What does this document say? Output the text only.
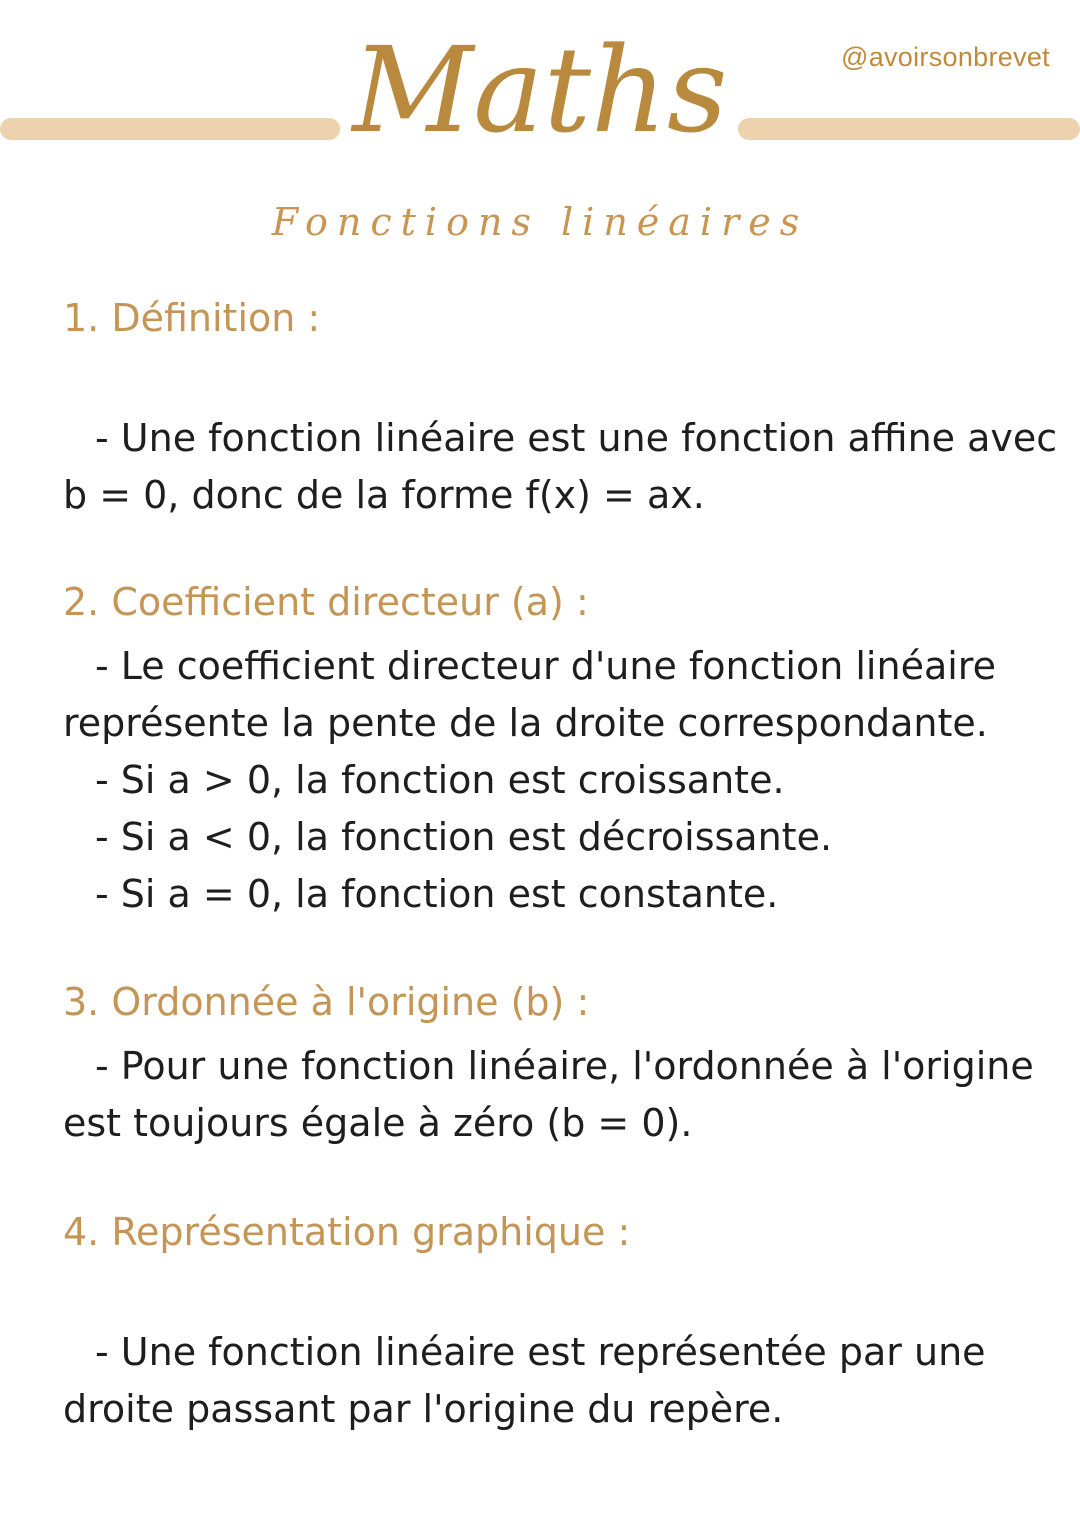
@avoirsonbrevet
Maths
Fonctions linéaires
1. Définition :
- Une fonction linéaire est une fonction affine avec
b = 0, donc de la forme f(x) = ax.
2. Coefficient directeur (a) :
- Le coefficient directeur d'une fonction linéaire
représente la pente de la droite correspondante.
- Si a > 0, la fonction est croissante.
- Si a < 0, la fonction est décroissante.
- Si a = 0, la fonction est constante.
3. Ordonnée à l'origine (b) :
- Pour une fonction linéaire, l'ordonnée à l'origine
est toujours égale à zéro (b = 0).
4. Représentation graphique :
- Une fonction linéaire est représentée par une
droite passant par l'origine du repère.
